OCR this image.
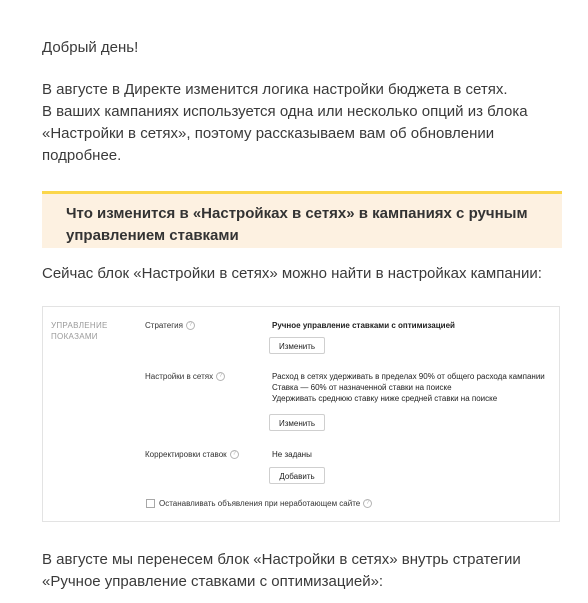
Добрый день!

В августе в Директе изменится логика настройки бюджета в сетях.
В ваших кампаниях используется одна или несколько опций из блока
«Настройки в сетях», поэтому рассказываем вам об обновлении
подробнее.

Что изменится в «Настройках в сетях» в кампаниях с ручным
управлением ставками

Сейчас блок «Настройки в сетях» можно найти в настройках кампании:

УПРАВЛЕНИЕ ПОКАЗАМИ
Стратегия ?	Ручное управление ставками с оптимизацией
Изменить
Настройки в сетях ?	Расход в сетях удерживать в пределах 90% от общего расхода кампании
Ставка — 60% от назначенной ставки на поиске
Удерживать среднюю ставку ниже средней ставки на поиске
Изменить
Корректировки ставок ?	Не заданы
Добавить
Останавливать объявления при неработающем сайте ?

В августе мы перенесем блок «Настройки в сетях» внутрь стратегии
«Ручное управление ставками с оптимизацией»:
